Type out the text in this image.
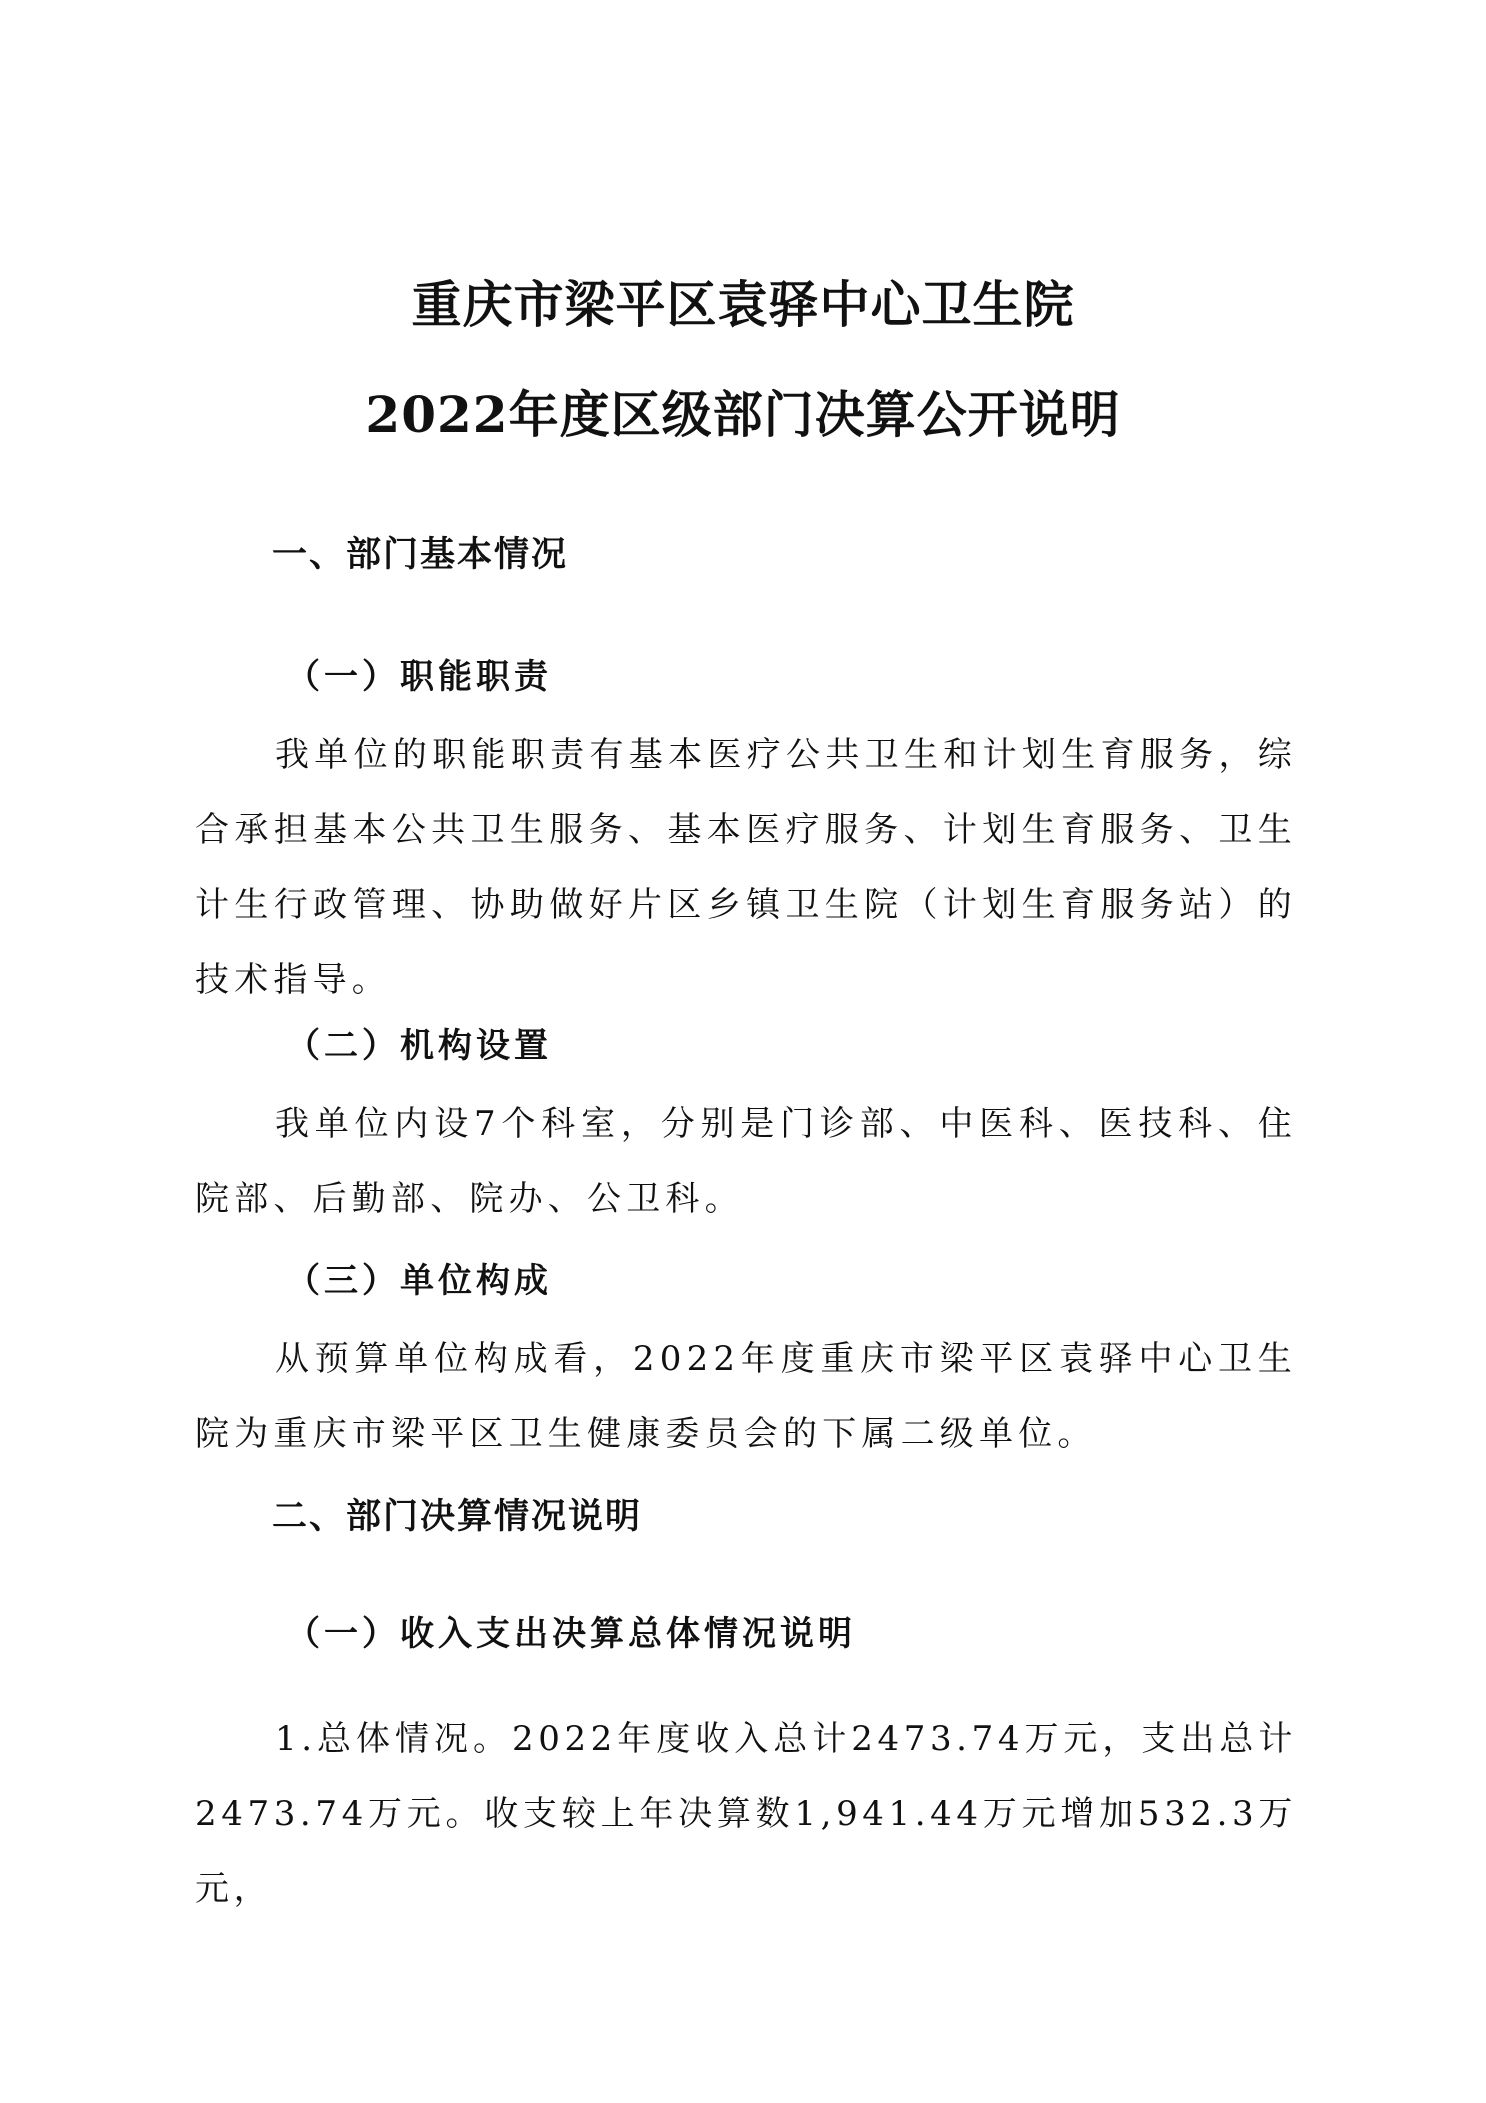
重庆市梁平区袁驿中心卫生院
2022年度区级部门决算公开说明
一、部门基本情况
（一）职能职责
我单位的职能职责有基本医疗公共卫生和计划生育服务，综合承担基本公共卫生服务、基本医疗服务、计划生育服务、卫生计生行政管理、协助做好片区乡镇卫生院（计划生育服务站）的技术指导。
（二）机构设置
我单位内设7个科室，分别是门诊部、中医科、医技科、住院部、后勤部、院办、公卫科。
（三）单位构成
从预算单位构成看，2022年度重庆市梁平区袁驿中心卫生院为重庆市梁平区卫生健康委员会的下属二级单位。
二、部门决算情况说明
（一）收入支出决算总体情况说明
1.总体情况。2022年度收入总计2473.74万元，支出总计2473.74万元。收支较上年决算数1,941.44万元增加532.3万元，
